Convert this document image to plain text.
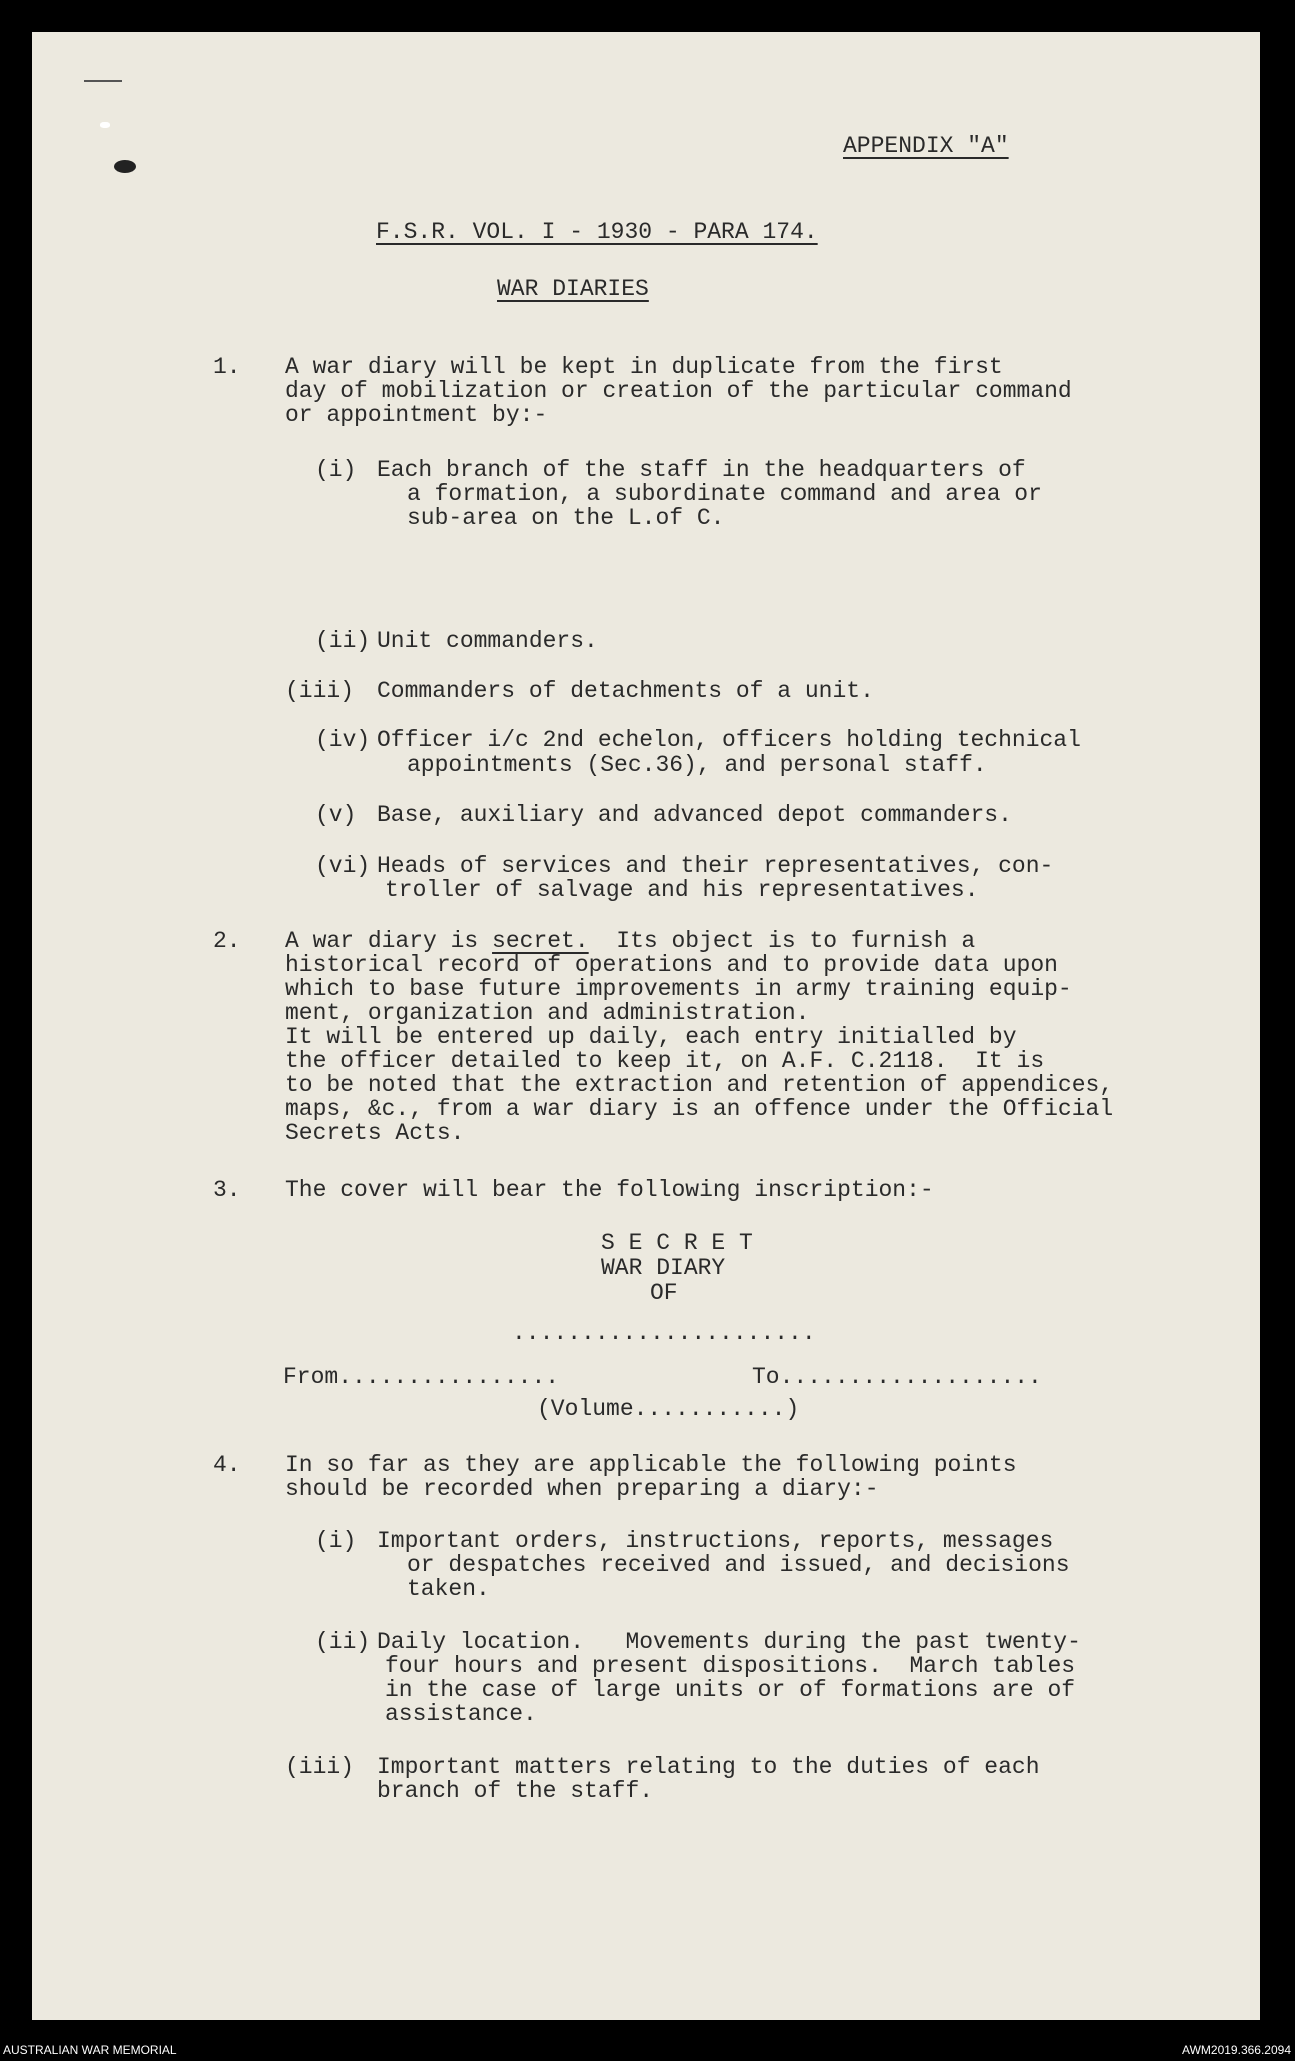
APPENDIX "A"
F.S.R. VOL. I - 1930 - PARA 174.
WAR DIARIES
1. A war diary will be kept in duplicate from the first
day of mobilization or creation of the particular command
or appointment by:-
(i) Each branch of the staff in the headquarters of
a formation, a subordinate command and area or
sub-area on the L.of C.
(ii) Unit commanders.
(iii) Commanders of detachments of a unit.
(iv) Officer i/c 2nd echelon, officers holding technical
appointments (Sec.36), and personal staff.
(v) Base, auxiliary and advanced depot commanders.
(vi) Heads of services and their representatives, con-
troller of salvage and his representatives.
2. A war diary is secret.  Its object is to furnish a
historical record of operations and to provide data upon
which to base future improvements in army training equip-
ment, organization and administration.
It will be entered up daily, each entry initialled by
the officer detailed to keep it, on A.F. C.2118.  It is
to be noted that the extraction and retention of appendices,
maps, &c., from a war diary is an offence under the Official
Secrets Acts.
3. The cover will bear the following inscription:-
S E C R E T
WAR DIARY
OF
......................
From................	To...................
(Volume...........)
4. In so far as they are applicable the following points
should be recorded when preparing a diary:-
(i) Important orders, instructions, reports, messages
or despatches received and issued, and decisions
taken.
(ii) Daily location.   Movements during the past twenty-
four hours and present dispositions.  March tables
in the case of large units or of formations are of
assistance.
(iii) Important matters relating to the duties of each
branch of the staff.
AUSTRALIAN WAR MEMORIAL	AWM2019.366.2094
